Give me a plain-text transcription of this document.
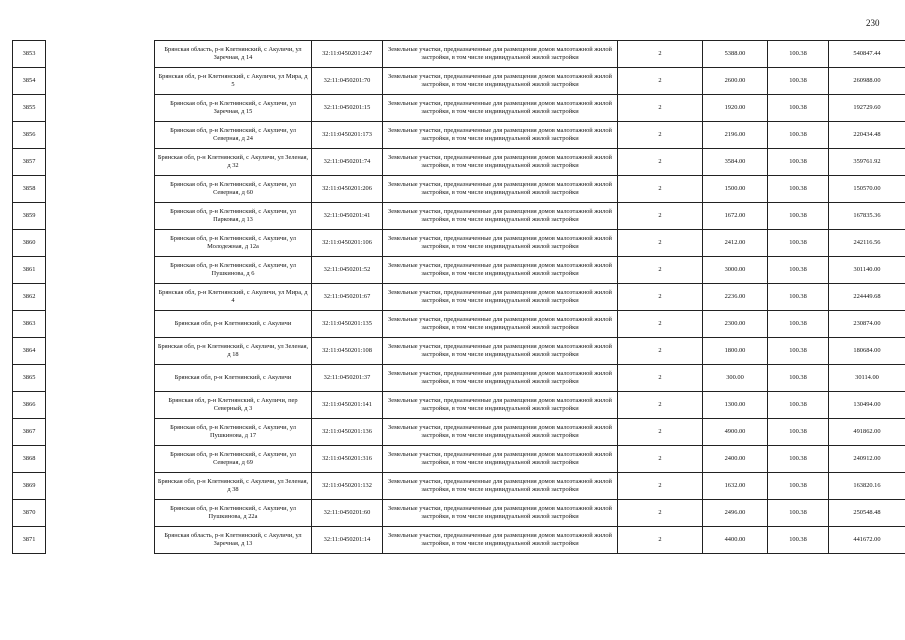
230
3853		Брянская область, р-н Клетнянский, с Акуличи, ул Заречная, д 14	32:11:0450201:247	Земельные участки, предназначенные для размещения домов малоэтажной жилой застройки, в том числе индивидуальной жилой застройки	2	5388.00	100.38	540847.44
3854		Брянская обл, р-н Клетнянский, с Акуличи, ул Мира, д 5	32:11:0450201:70	Земельные участки, предназначенные для размещения домов малоэтажной жилой застройки, в том числе индивидуальной жилой застройки	2	2600.00	100.38	260988.00
3855		Брянская обл, р-н Клетнянский, с Акуличи, ул Заречная, д 15	32:11:0450201:15	Земельные участки, предназначенные для размещения домов малоэтажной жилой застройки, в том числе индивидуальной жилой застройки	2	1920.00	100.38	192729.60
3856		Брянская обл, р-н Клетнянский, с Акуличи, ул Северная, д 24	32:11:0450201:173	Земельные участки, предназначенные для размещения домов малоэтажной жилой застройки, в том числе индивидуальной жилой застройки	2	2196.00	100.38	220434.48
3857		Брянская обл, р-н Клетнянский, с Акуличи, ул Зеленая, д 32	32:11:0450201:74	Земельные участки, предназначенные для размещения домов малоэтажной жилой застройки, в том числе индивидуальной жилой застройки	2	3584.00	100.38	359761.92
3858		Брянская обл, р-н Клетнянский, с Акуличи, ул Северная, д 60	32:11:0450201:206	Земельные участки, предназначенные для размещения домов малоэтажной жилой застройки, в том числе индивидуальной жилой застройки	2	1500.00	100.38	150570.00
3859		Брянская обл, р-н Клетнянский, с Акуличи, ул Парковая, д 13	32:11:0450201:41	Земельные участки, предназначенные для размещения домов малоэтажной жилой застройки, в том числе индивидуальной жилой застройки	2	1672.00	100.38	167835.36
3860		Брянская обл, р-н Клетнянский, с Акуличи, ул Молодежная, д 12а	32:11:0450201:106	Земельные участки, предназначенные для размещения домов малоэтажной жилой застройки, в том числе индивидуальной жилой застройки	2	2412.00	100.38	242116.56
3861		Брянская обл, р-н Клетнянский, с Акуличи, ул Пушкинова, д 6	32:11:0450201:52	Земельные участки, предназначенные для размещения домов малоэтажной жилой застройки, в том числе индивидуальной жилой застройки	2	3000.00	100.38	301140.00
3862		Брянская обл, р-н Клетнянский, с Акуличи, ул Мира, д 4	32:11:0450201:67	Земельные участки, предназначенные для размещения домов малоэтажной жилой застройки, в том числе индивидуальной жилой застройки	2	2236.00	100.38	224449.68
3863		Брянская обл, р-н Клетнянский, с Акуличи	32:11:0450201:135	Земельные участки, предназначенные для размещения домов малоэтажной жилой застройки, в том числе индивидуальной жилой застройки	2	2300.00	100.38	230874.00
3864		Брянская обл, р-н Клетнянский, с Акуличи, ул Зеленая, д 18	32:11:0450201:108	Земельные участки, предназначенные для размещения домов малоэтажной жилой застройки, в том числе индивидуальной жилой застройки	2	1800.00	100.38	180684.00
3865		Брянская обл, р-н Клетнянский, с Акуличи	32:11:0450201:37	Земельные участки, предназначенные для размещения домов малоэтажной жилой застройки, в том числе индивидуальной жилой застройки	2	300.00	100.38	30114.00
3866		Брянская обл, р-н Клетнянский, с Акуличи, пер Северный, д 3	32:11:0450201:141	Земельные участки, предназначенные для размещения домов малоэтажной жилой застройки, в том числе индивидуальной жилой застройки	2	1300.00	100.38	130494.00
3867		Брянская обл, р-н Клетнянский, с Акуличи, ул Пушкинова, д 17	32:11:0450201:136	Земельные участки, предназначенные для размещения домов малоэтажной жилой застройки, в том числе индивидуальной жилой застройки	2	4900.00	100.38	491862.00
3868		Брянская обл, р-н Клетнянский, с Акуличи, ул Северная, д 69	32:11:0450201:316	Земельные участки, предназначенные для размещения домов малоэтажной жилой застройки, в том числе индивидуальной жилой застройки	2	2400.00	100.38	240912.00
3869		Брянская обл, р-н Клетнянский, с Акуличи, ул Зеленая, д 38	32:11:0450201:132	Земельные участки, предназначенные для размещения домов малоэтажной жилой застройки, в том числе индивидуальной жилой застройки	2	1632.00	100.38	163820.16
3870		Брянская обл, р-н Клетнянский, с Акуличи, ул Пушкинова, д 22а	32:11:0450201:60	Земельные участки, предназначенные для размещения домов малоэтажной жилой застройки, в том числе индивидуальной жилой застройки	2	2496.00	100.38	250548.48
3871		Брянская область, р-н Клетнянский, с Акуличи, ул Заречная, д 13	32:11:0450201:14	Земельные участки, предназначенные для размещения домов малоэтажной жилой застройки, в том числе индивидуальной жилой застройки	2	4400.00	100.38	441672.00
